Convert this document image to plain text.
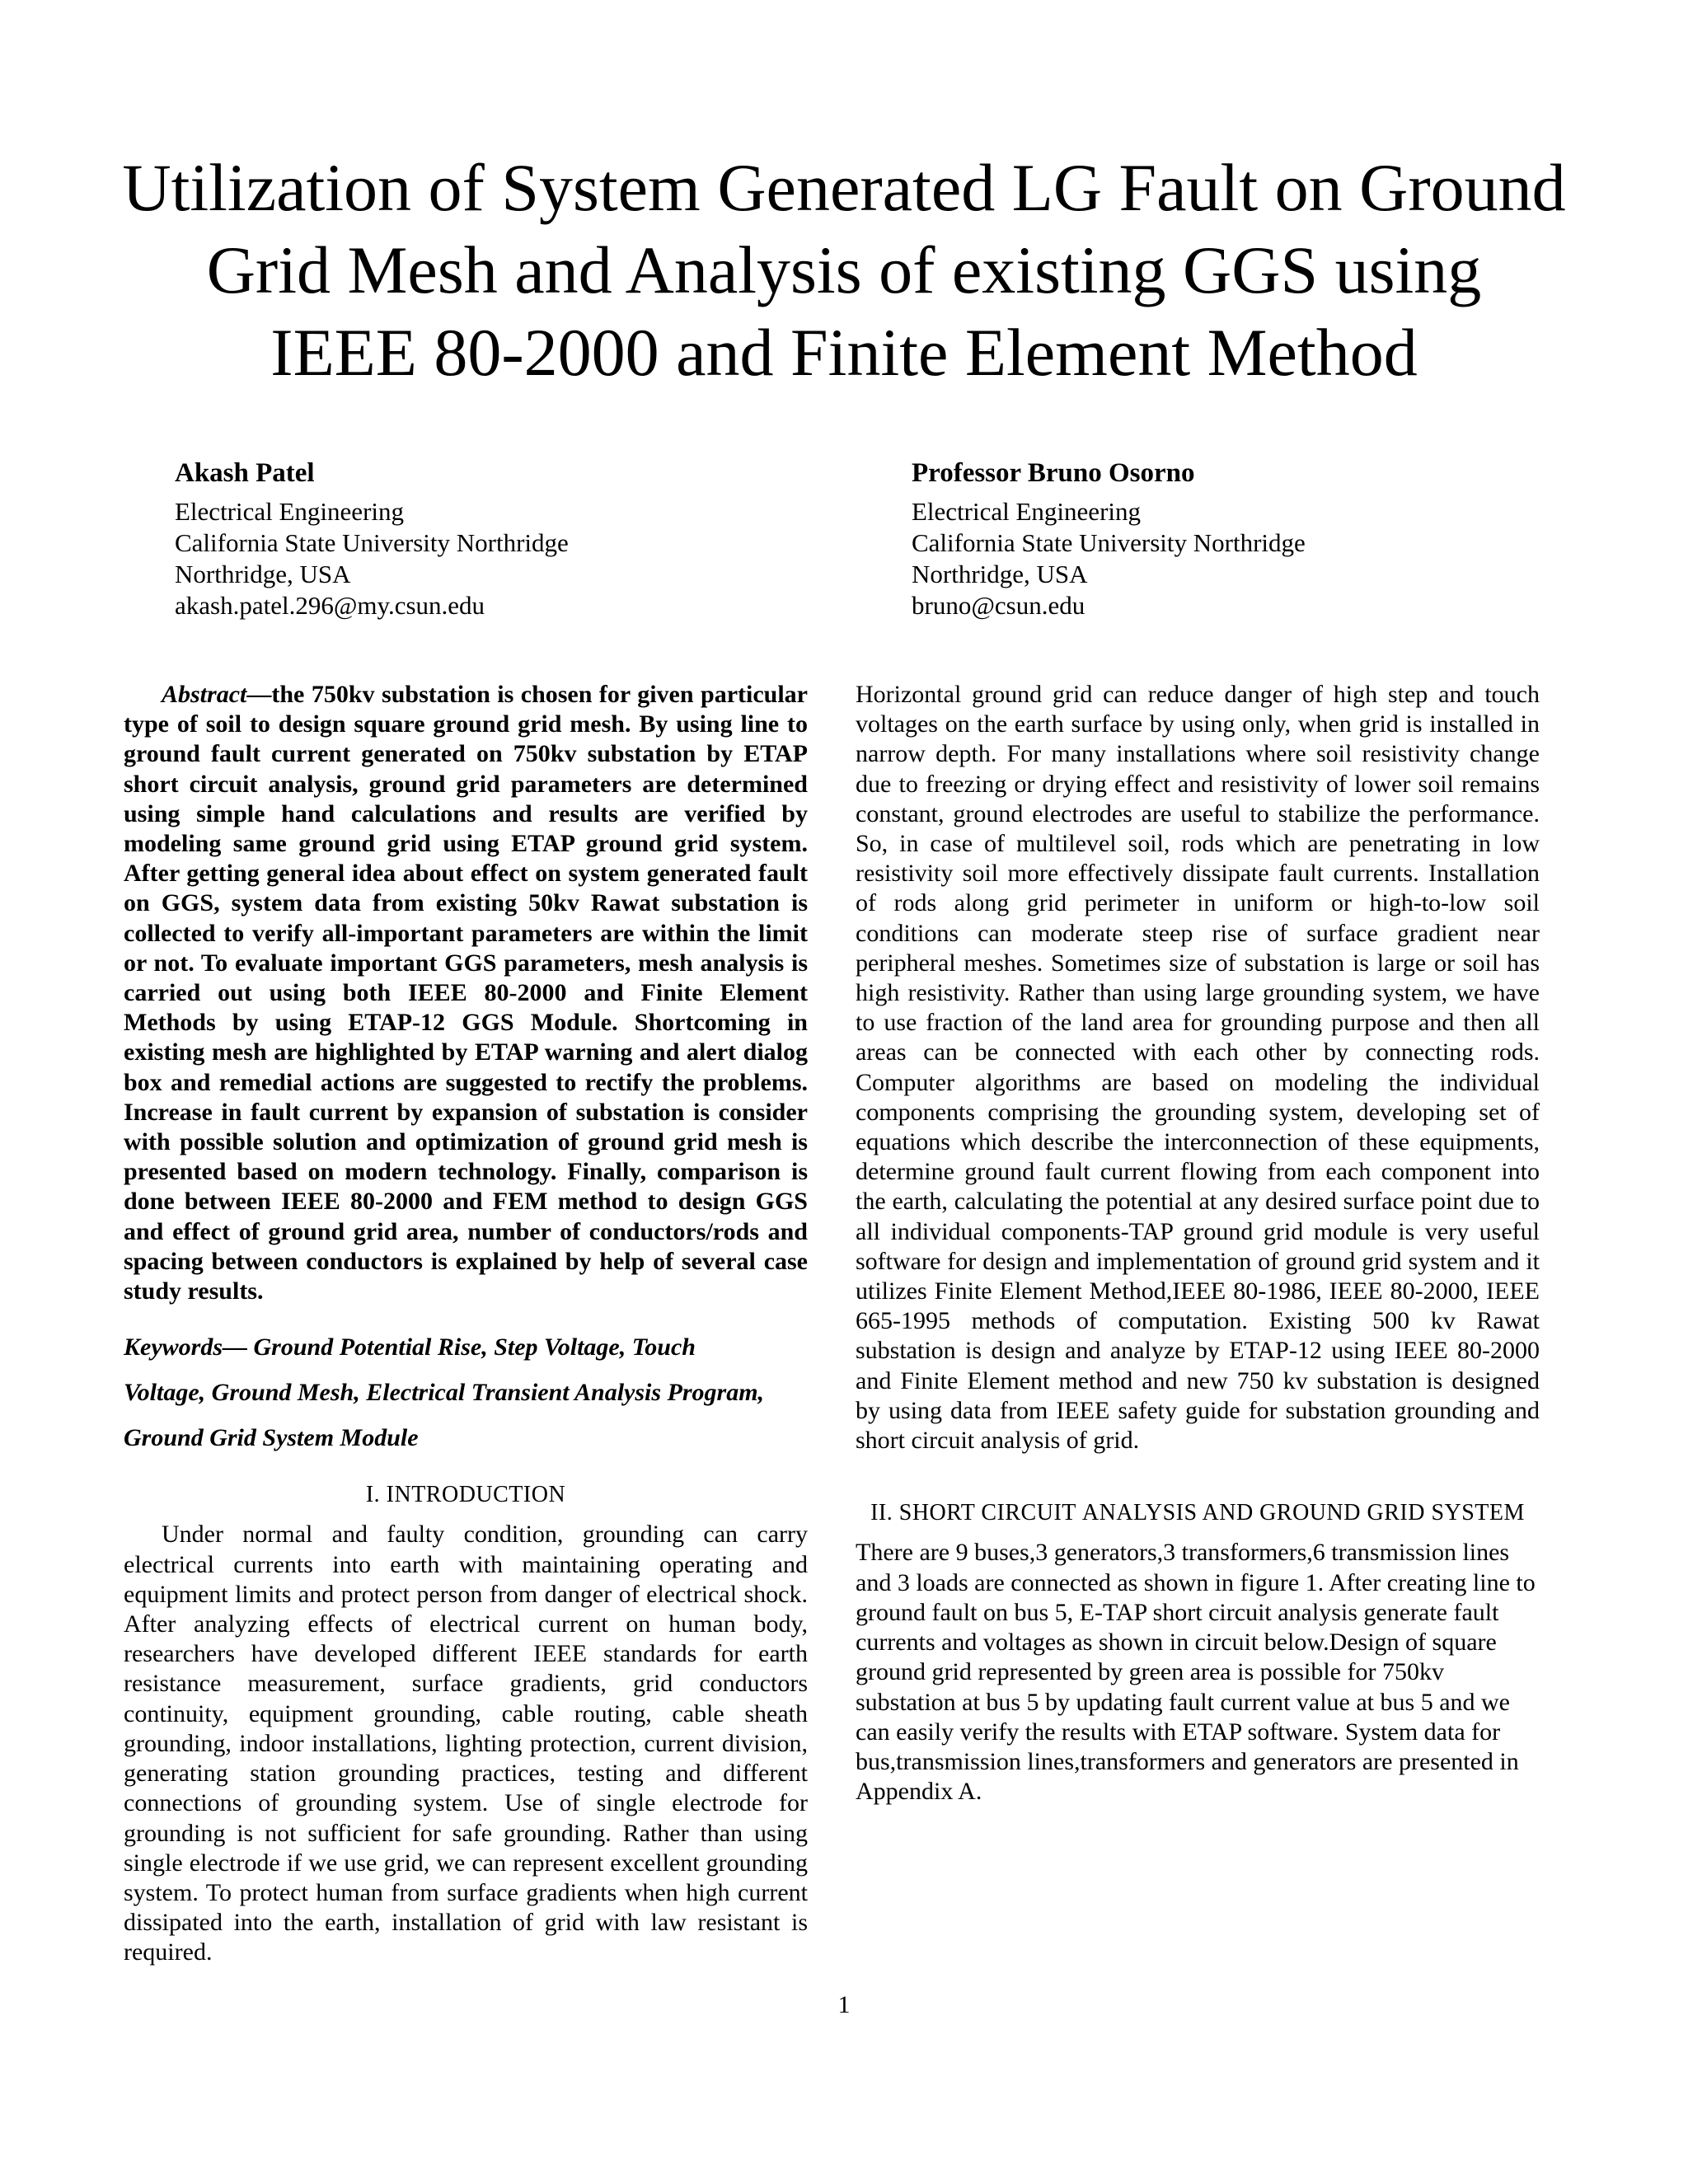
Utilization of System Generated LG Fault on Ground
Grid Mesh and Analysis of existing GGS using
IEEE 80-2000 and Finite Element Method
Akash Patel
Electrical Engineering
California State University Northridge
Northridge, USA
akash.patel.296@my.csun.edu
Professor Bruno Osorno
Electrical Engineering
California State University Northridge
Northridge, USA
bruno@csun.edu

Abstract—the 750kv substation is chosen for given particular type of soil to design square ground grid mesh. By using line to ground fault current generated on 750kv substation by ETAP short circuit analysis, ground grid parameters are determined using simple hand calculations and results are verified by modeling same ground grid using ETAP ground grid system. After getting general idea about effect on system generated fault on GGS, system data from existing 50kv Rawat substation is collected to verify all-important parameters are within the limit or not. To evaluate important GGS parameters, mesh analysis is carried out using both IEEE 80-2000 and Finite Element Methods by using ETAP-12 GGS Module. Shortcoming in existing mesh are highlighted by ETAP warning and alert dialog box and remedial actions are suggested to rectify the problems. Increase in fault current by expansion of substation is consider with possible solution and optimization of ground grid mesh is presented based on modern technology. Finally, comparison is done between IEEE 80-2000 and FEM method to design GGS and effect of ground grid area, number of conductors/rods and spacing between conductors is explained by help of several case study results.

Keywords— Ground Potential Rise, Step Voltage, Touch
Voltage, Ground Mesh, Electrical Transient Analysis Program,
Ground Grid System Module

I. INTRODUCTION

Under normal and faulty condition, grounding can carry electrical currents into earth with maintaining operating and equipment limits and protect person from danger of electrical shock. After analyzing effects of electrical current on human body, researchers have developed different IEEE standards for earth resistance measurement, surface gradients, grid conductors continuity, equipment grounding, cable routing, cable sheath grounding, indoor installations, lighting protection, current division, generating station grounding practices, testing and different connections of grounding system. Use of single electrode for grounding is not sufficient for safe grounding. Rather than using single electrode if we use grid, we can represent excellent grounding system. To protect human from surface gradients when high current dissipated into the earth, installation of grid with law resistant is required.

Horizontal ground grid can reduce danger of high step and touch voltages on the earth surface by using only, when grid is installed in narrow depth. For many installations where soil resistivity change due to freezing or drying effect and resistivity of lower soil remains constant, ground electrodes are useful to stabilize the performance. So, in case of multilevel soil, rods which are penetrating in low resistivity soil more effectively dissipate fault currents. Installation of rods along grid perimeter in uniform or high-to-low soil conditions can moderate steep rise of surface gradient near peripheral meshes. Sometimes size of substation is large or soil has high resistivity. Rather than using large grounding system, we have to use fraction of the land area for grounding purpose and then all areas can be connected with each other by connecting rods. Computer algorithms are based on modeling the individual components comprising the grounding system, developing set of equations which describe the interconnection of these equipments, determine ground fault current flowing from each component into the earth, calculating the potential at any desired surface point due to all individual components-TAP ground grid module is very useful software for design and implementation of ground grid system and it utilizes Finite Element Method,IEEE 80-1986, IEEE 80-2000, IEEE 665-1995 methods of computation. Existing 500 kv Rawat substation is design and analyze by ETAP-12 using IEEE 80-2000 and Finite Element method and new 750 kv substation is designed by using data from IEEE safety guide for substation grounding and short circuit analysis of grid.

II. SHORT CIRCUIT ANALYSIS AND GROUND GRID SYSTEM

There are 9 buses,3 generators,3 transformers,6 transmission lines and 3 loads are connected as shown in figure 1. After creating line to ground fault on bus 5, E-TAP short circuit analysis generate fault currents and voltages as shown in circuit below.Design of square ground grid represented by green area is possible for 750kv substation at bus 5 by updating fault current value at bus 5 and we can easily verify the results with ETAP software. System data for bus,transmission lines,transformers and generators are presented in Appendix A.

1
